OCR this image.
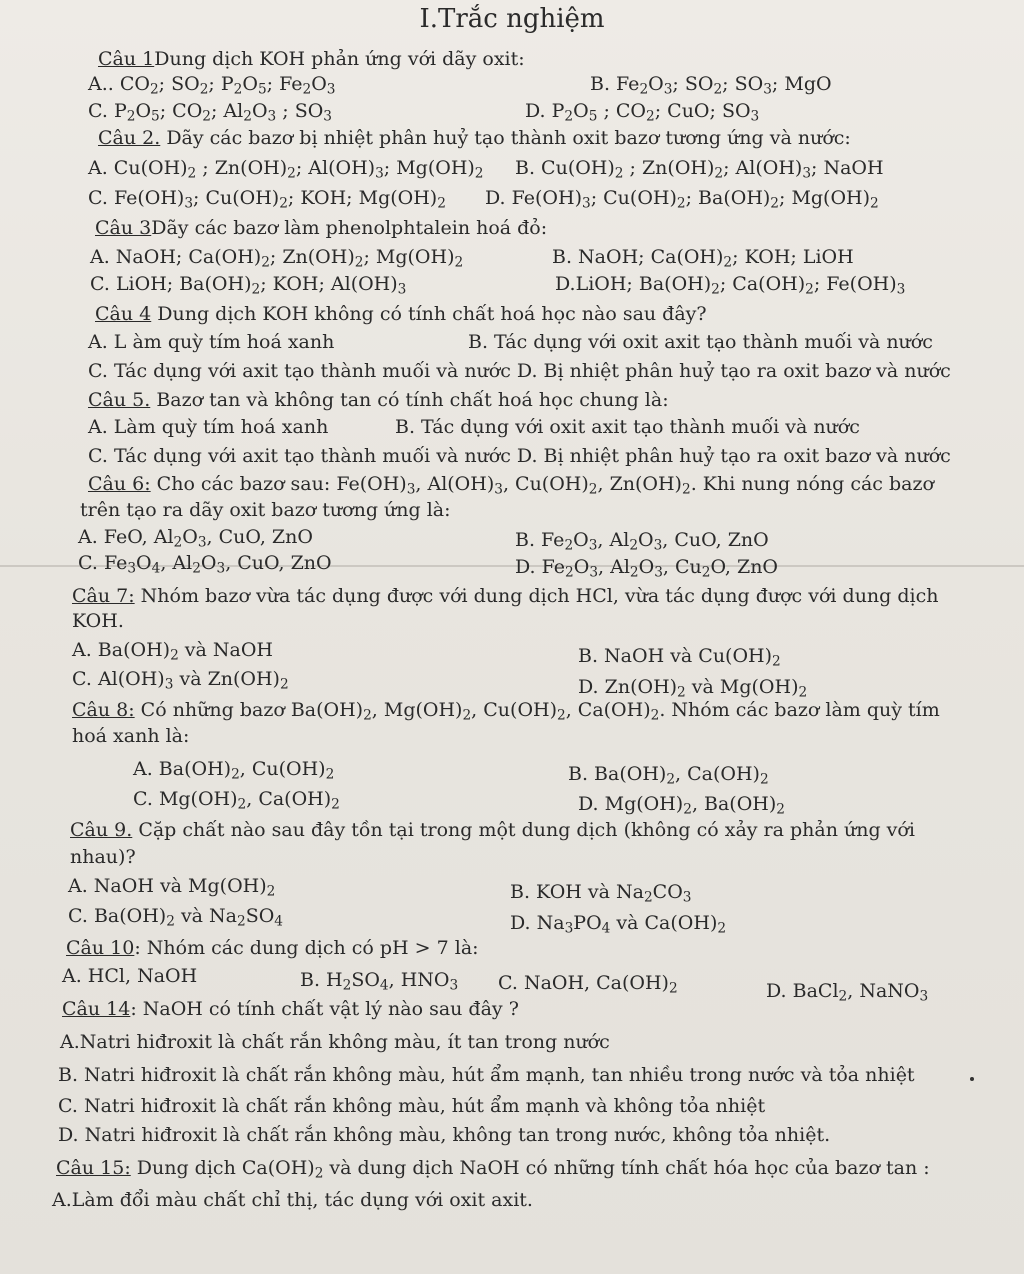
I.Trắc nghiệm
Câu 1Dung dịch KOH phản ứng với dãy oxit:
A.. $CO_2$; $SO_2$; $P_2O_5$; $Fe_2O_3$	B. $Fe_2O_3$; $SO_2$; $SO_3$; MgO
C. $P_2O_5$; $CO_2$; $Al_2O_3$ ; $SO_3$	D. $P_2O_5$ ; $CO_2$; CuO; $SO_3$
Câu 2. Dãy các bazơ bị nhiệt phân huỷ tạo thành oxit bazơ tương ứng và nước:
A. $Cu(OH)_2$ ; $Zn(OH)_2$; $Al(OH)_3$; $Mg(OH)_2$ B. $Cu(OH)_2$ ; $Zn(OH)_2$; $Al(OH)_3$; NaOH
C. $Fe(OH)_3$; $Cu(OH)_2$; KOH; $Mg(OH)_2$ D. $Fe(OH)_3$; $Cu(OH)_2$; $Ba(OH)_2$; $Mg(OH)_2$
Câu 3Dãy các bazơ làm phenolphtalein hoá đỏ:
A. NaOH; $Ca(OH)_2$; $Zn(OH)_2$; $Mg(OH)_2$	B. NaOH; $Ca(OH)_2$; KOH; LiOH
C. LiOH; $Ba(OH)_2$; KOH; $Al(OH)_3$	D.LiOH; $Ba(OH)_2$; $Ca(OH)_2$; $Fe(OH)_3$
Câu 4 Dung dịch KOH không có tính chất hoá học nào sau đây?
A. L àm quỳ tím hoá xanh	B. Tác dụng với oxit axit tạo thành muối và nước
C. Tác dụng với axit tạo thành muối và nước D. Bị nhiệt phân huỷ tạo ra oxit bazơ và nước
Câu 5. Bazơ tan và không tan có tính chất hoá học chung là:
A. Làm quỳ tím hoá xanh	B. Tác dụng với oxit axit tạo thành muối và nước
C. Tác dụng với axit tạo thành muối và nước D. Bị nhiệt phân huỷ tạo ra oxit bazơ và nước
Câu 6: Cho các bazơ sau: $Fe(OH)_3$, $Al(OH)_3$, $Cu(OH)_2$, $Zn(OH)_2$. Khi nung nóng các bazơ
trên tạo ra dãy oxit bazơ tương ứng là:
A. FeO, $Al_2O_3$, CuO, ZnO	B. $Fe_2O_3$, $Al_2O_3$, CuO, ZnO
C. $Fe_3O_4$, $Al_2O_3$, CuO, ZnO	D. $Fe_2O_3$, $Al_2O_3$, $Cu_2O$, ZnO
Câu 7: Nhóm bazơ vừa tác dụng được với dung dịch HCl, vừa tác dụng được với dung dịch
KOH.
A. $Ba(OH)_2$ và NaOH	B. NaOH và $Cu(OH)_2$
C. $Al(OH)_3$ và $Zn(OH)_2$	D. $Zn(OH)_2$ và $Mg(OH)_2$
Câu 8: Có những bazơ $Ba(OH)_2$, $Mg(OH)_2$, $Cu(OH)_2$, $Ca(OH)_2$. Nhóm các bazơ làm quỳ tím
hoá xanh là:
A. $Ba(OH)_2$, $Cu(OH)_2$	B. $Ba(OH)_2$, $Ca(OH)_2$
C. $Mg(OH)_2$, $Ca(OH)_2$	D. $Mg(OH)_2$, $Ba(OH)_2$
Câu 9. Cặp chất nào sau đây tồn tại trong một dung dịch (không có xảy ra phản ứng với
nhau)?
A. NaOH và $Mg(OH)_2$	B. KOH và $Na_2CO_3$
C. $Ba(OH)_2$ và $Na_2SO_4$	D. $Na_3PO_4$ và $Ca(OH)_2$
Câu 10: Nhóm các dung dịch có pH > 7 là:
A. HCl, NaOH	B. $H_2SO_4$, $HNO_3$ C. NaOH, $Ca(OH)_2$	D. BaCl$_2$, NaNO$_3$
Câu 14: NaOH có tính chất vật lý nào sau đây ?
A.Natri hiđroxit là chất rắn không màu, ít tan trong nước
B. Natri hiđroxit là chất rắn không màu, hút ẩm mạnh, tan nhiều trong nước và tỏa nhiệt
C. Natri hiđroxit là chất rắn không màu, hút ẩm mạnh và không tỏa nhiệt
D. Natri hiđroxit là chất rắn không màu, không tan trong nước, không tỏa nhiệt.
Câu 15: Dung dịch $Ca(OH)_2$ và dung dịch NaOH có những tính chất hóa học của bazơ tan :
A.Làm đổi màu chất chỉ thị, tác dụng với oxit axit.
